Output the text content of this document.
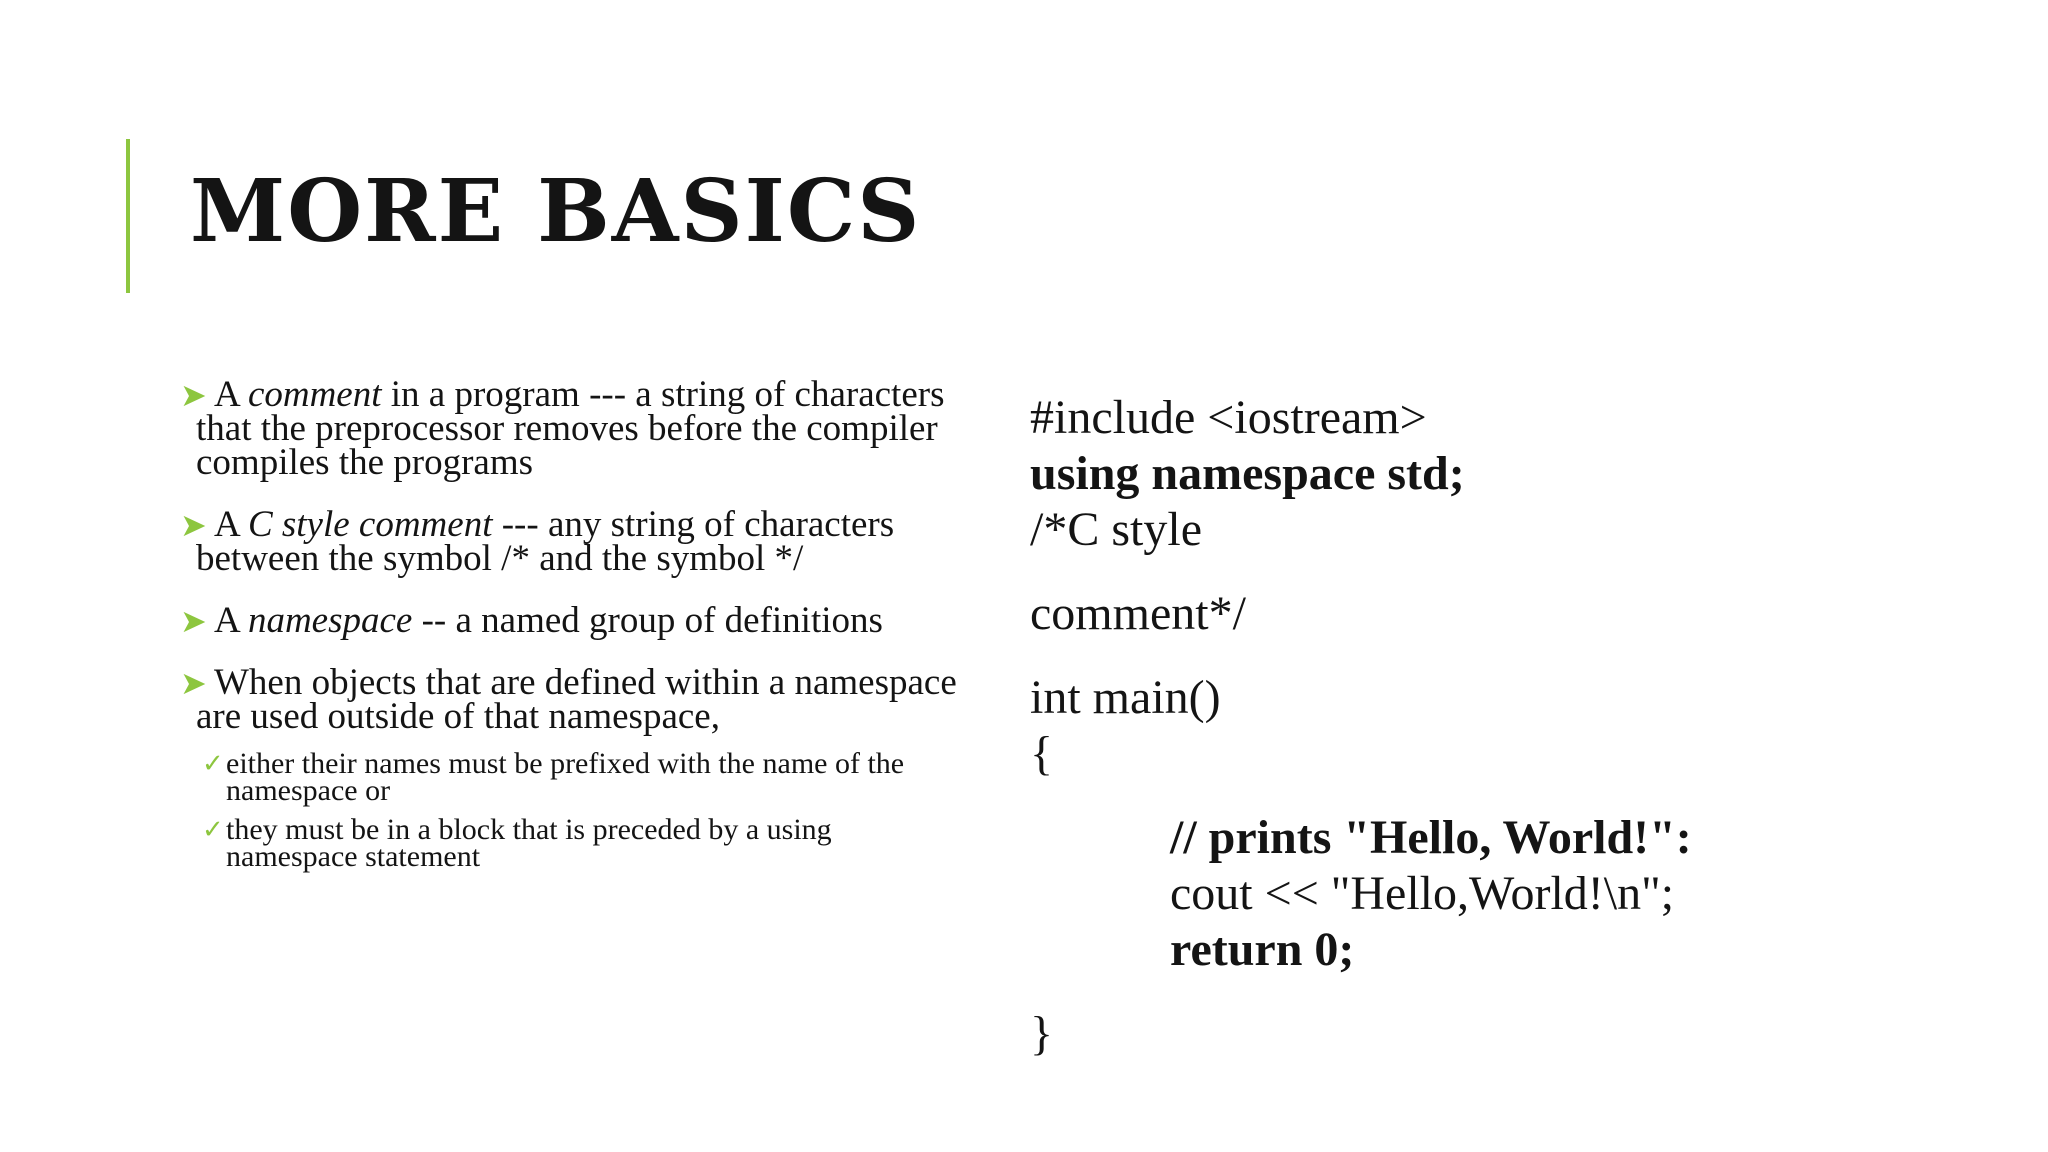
MORE BASICS
➤ A comment in a program --- a string of characters that the preprocessor removes before the compiler compiles the programs
➤ A C style comment --- any string of characters between the symbol /* and the symbol */
➤ A namespace -- a named group of definitions
➤ When objects that are defined within a namespace are used outside of that namespace,
✓ either their names must be prefixed with the name of the namespace or
✓ they must be in a block that is preceded by a using namespace statement
#include <iostream>
using namespace std;
/*C style
comment*/
int main()
{
// prints "Hello, World!":
cout << "Hello,World!\n";
return 0;
}
